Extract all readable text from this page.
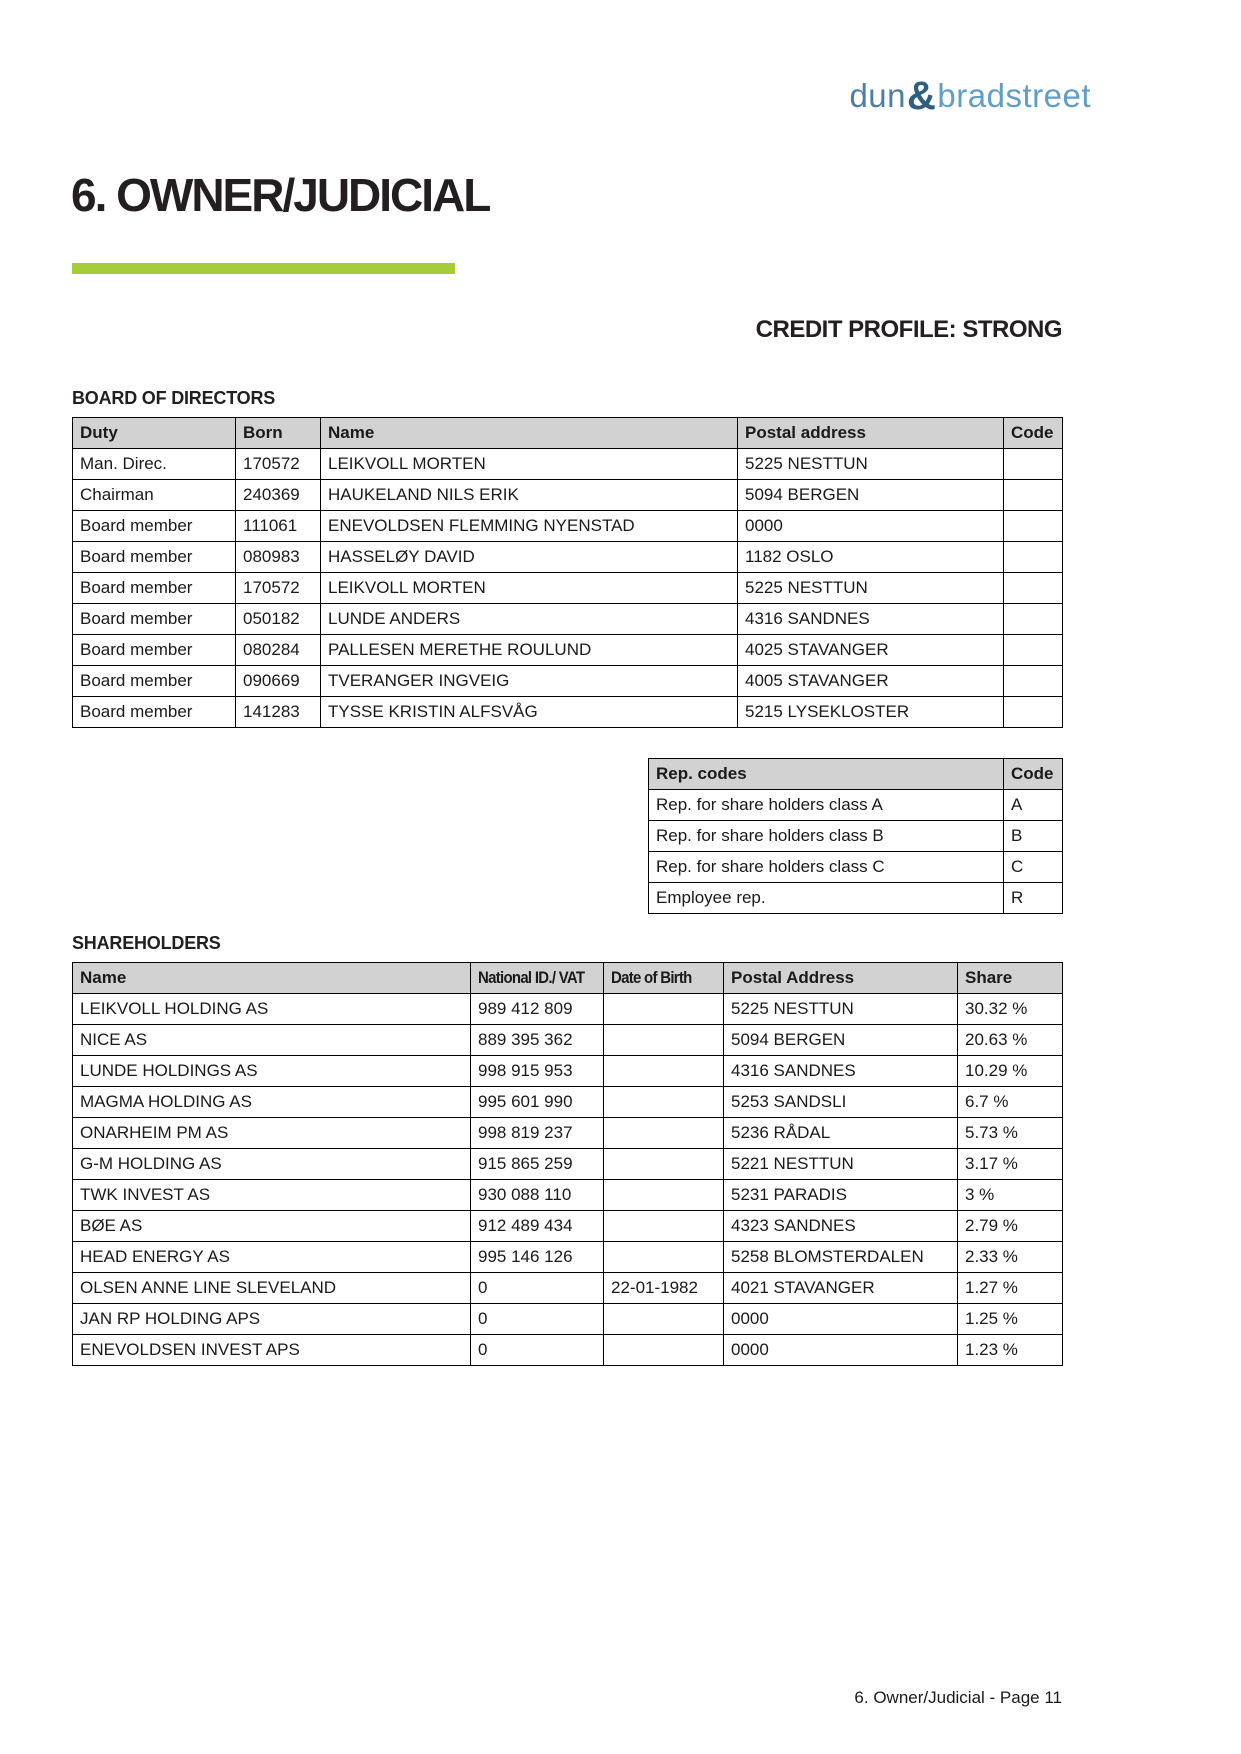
dun&bradstreet
6. OWNER/JUDICIAL
CREDIT PROFILE: STRONG
BOARD OF DIRECTORS
Duty	Born	Name	Postal address	Code
Man. Direc.	170572	LEIKVOLL MORTEN	5225 NESTTUN	
Chairman	240369	HAUKELAND NILS ERIK	5094 BERGEN	
Board member	111061	ENEVOLDSEN FLEMMING NYENSTAD	0000	
Board member	080983	HASSELØY DAVID	1182 OSLO	
Board member	170572	LEIKVOLL MORTEN	5225 NESTTUN	
Board member	050182	LUNDE ANDERS	4316 SANDNES	
Board member	080284	PALLESEN MERETHE ROULUND	4025 STAVANGER	
Board member	090669	TVERANGER INGVEIG	4005 STAVANGER	
Board member	141283	TYSSE KRISTIN ALFSVÅG	5215 LYSEKLOSTER	
Rep. codes	Code
Rep. for share holders class A	A
Rep. for share holders class B	B
Rep. for share holders class C	C
Employee rep.	R
SHAREHOLDERS
Name	National ID./ VAT	Date of Birth	Postal Address	Share
LEIKVOLL HOLDING AS	989 412 809		5225 NESTTUN	30.32 %
NICE AS	889 395 362		5094 BERGEN	20.63 %
LUNDE HOLDINGS AS	998 915 953		4316 SANDNES	10.29 %
MAGMA HOLDING AS	995 601 990		5253 SANDSLI	6.7 %
ONARHEIM PM AS	998 819 237		5236 RÅDAL	5.73 %
G-M HOLDING AS	915 865 259		5221 NESTTUN	3.17 %
TWK INVEST AS	930 088 110		5231 PARADIS	3 %
BØE AS	912 489 434		4323 SANDNES	2.79 %
HEAD ENERGY AS	995 146 126		5258 BLOMSTERDALEN	2.33 %
OLSEN ANNE LINE SLEVELAND	0	22-01-1982	4021 STAVANGER	1.27 %
JAN RP HOLDING APS	0		0000	1.25 %
ENEVOLDSEN INVEST APS	0		0000	1.23 %
6. Owner/Judicial - Page 11
